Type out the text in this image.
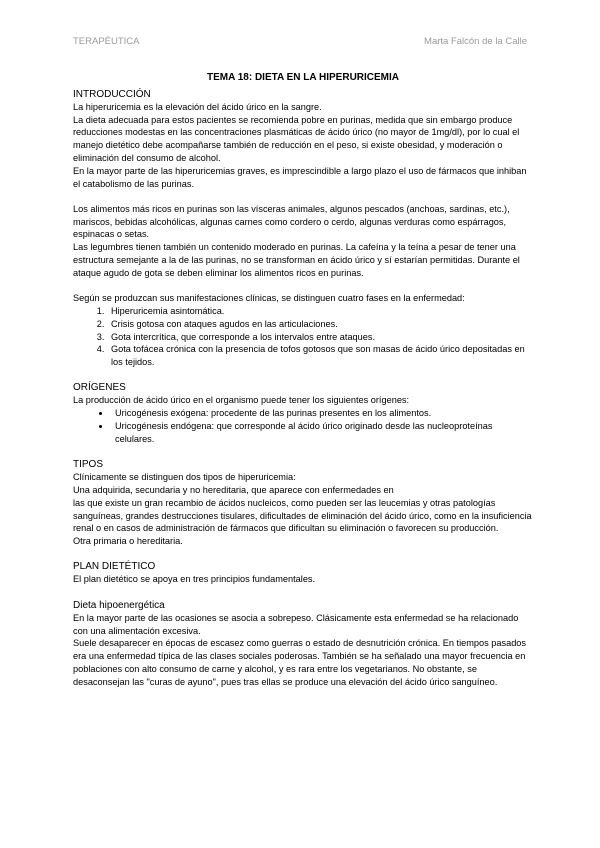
TERAPÉUTICA	Marta Falcón de la Calle

TEMA 18: DIETA EN LA HIPERURICEMIA

INTRODUCCIÓN

La hiperuricemia es la elevación del ácido úrico en la sangre.

La dieta adecuada para estos pacientes se recomienda pobre en purinas, medida que sin embargo produce reducciones modestas en las concentraciones plasmáticas de ácido úrico (no mayor de 1mg/dl), por lo cual el manejo dietético debe acompañarse también de reducción en el peso, si existe obesidad, y moderación o eliminación del consumo de alcohol.

En la mayor parte de las hiperuricemias graves, es imprescindible a largo plazo el uso de fármacos que inhiban el catabolismo de las purinas.

Los alimentos más ricos en purinas son las vísceras animales, algunos pescados (anchoas, sardinas, etc.), mariscos, bebidas alcohólicas, algunas carnes como cordero o cerdo, algunas verduras como espárragos, espinacas o setas.

Las legumbres tienen también un contenido moderado en purinas. La cafeína y la teína a pesar de tener una estructura semejante a la de las purinas, no se transforman en ácido úrico y sí estarían permitidas. Durante el ataque agudo de gota se deben eliminar los alimentos ricos en purinas.

Según se produzcan sus manifestaciones clínicas, se distinguen cuatro fases en la enfermedad:

1. Hiperuricemia asintomática.
2. Crisis gotosa con ataques agudos en las articulaciones.
3. Gota intercrítica, que corresponde a los intervalos entre ataques.
4. Gota tofácea crónica con la presencia de tofos gotosos que son masas de ácido úrico depositadas en los tejidos.

ORÍGENES

La producción de ácido úrico en el organismo puede tener los siguientes orígenes:

• Uricogénesis exógena: procedente de las purinas presentes en los alimentos.
• Uricogénesis endógena: que corresponde al ácido úrico originado desde las nucleoproteínas celulares.

TIPOS

Clínicamente se distinguen dos tipos de hiperuricemia:

Una adquirida, secundaria y no hereditaria, que aparece con enfermedades en

las que existe un gran recambio de ácidos nucleicos, como pueden ser las leucemias y otras patologías sanguíneas, grandes destrucciones tisulares, dificultades de eliminación del ácido úrico, como en la insuficiencia renal o en casos de administración de fármacos que dificultan su eliminación o favorecen su producción.

Otra primaria o hereditaria.

PLAN DIETÉTICO

El plan dietético se apoya en tres principios fundamentales.

Dieta hipoenergética

En la mayor parte de las ocasiones se asocia a sobrepeso. Clásicamente esta enfermedad se ha relacionado con una alimentación excesiva.

Suele desaparecer en épocas de escasez como guerras o estado de desnutrición crónica. En tiempos pasados era una enfermedad típica de las clases sociales poderosas. También se ha señalado una mayor frecuencia en poblaciones con alto consumo de carne y alcohol, y es rara entre los vegetarianos. No obstante, se desaconsejan las "curas de ayuno", pues tras ellas se produce una elevación del ácido úrico sanguíneo.
